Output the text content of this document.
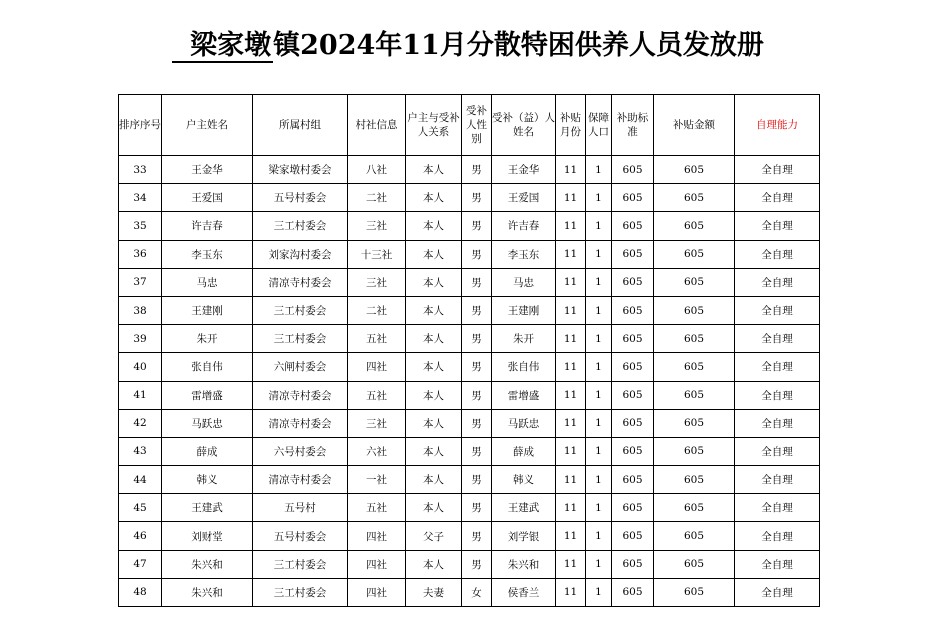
梁家墩镇2024年11月分散特困供养人员发放册
排序序号	户主姓名	所属村组	村社信息	户主与受补人关系	受补人性别	受补（益）人姓名	补贴月份	保障人口	补助标准	补贴金额	自理能力
33	王金华	梁家墩村委会	八社	本人	男	王金华	11	1	605	605	全自理
34	王爱国	五号村委会	二社	本人	男	王爱国	11	1	605	605	全自理
35	许吉春	三工村委会	三社	本人	男	许吉春	11	1	605	605	全自理
36	李玉东	刘家沟村委会	十三社	本人	男	李玉东	11	1	605	605	全自理
37	马忠	清凉寺村委会	三社	本人	男	马忠	11	1	605	605	全自理
38	王建刚	三工村委会	二社	本人	男	王建刚	11	1	605	605	全自理
39	朱开	三工村委会	五社	本人	男	朱开	11	1	605	605	全自理
40	张自伟	六闸村委会	四社	本人	男	张自伟	11	1	605	605	全自理
41	雷增盛	清凉寺村委会	五社	本人	男	雷增盛	11	1	605	605	全自理
42	马跃忠	清凉寺村委会	三社	本人	男	马跃忠	11	1	605	605	全自理
43	薛成	六号村委会	六社	本人	男	薛成	11	1	605	605	全自理
44	韩义	清凉寺村委会	一社	本人	男	韩义	11	1	605	605	全自理
45	王建武	五号村	五社	本人	男	王建武	11	1	605	605	全自理
46	刘财堂	五号村委会	四社	父子	男	刘学银	11	1	605	605	全自理
47	朱兴和	三工村委会	四社	本人	男	朱兴和	11	1	605	605	全自理
48	朱兴和	三工村委会	四社	夫妻	女	侯香兰	11	1	605	605	全自理
